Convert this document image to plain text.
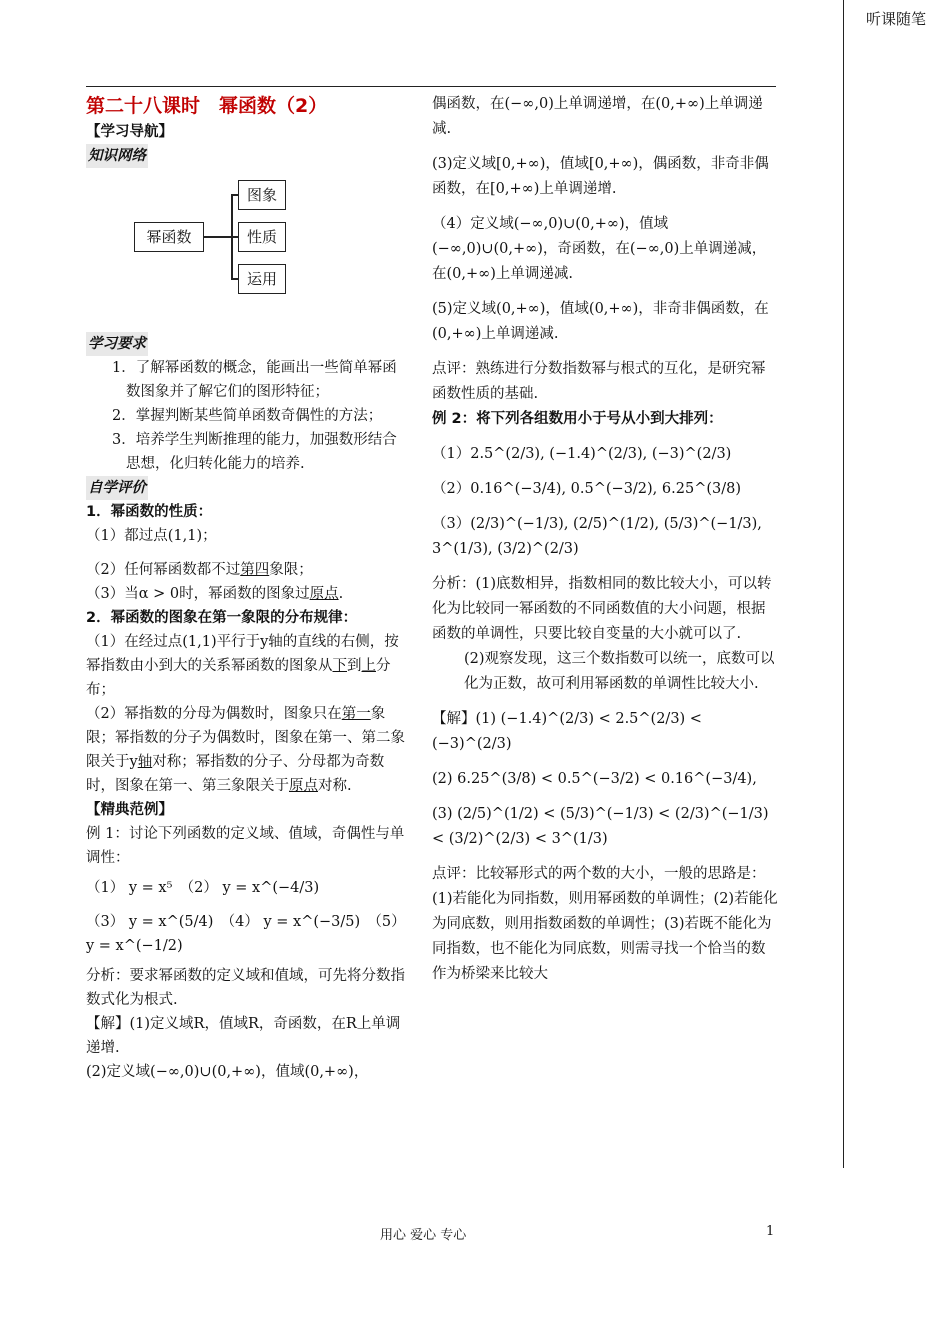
听课随笔

第二十八课时　幂函数（2）

【学习导航】

知识网络

幂函数
图象
性质
运用

学习要求

1．了解幂函数的概念，能画出一些简单幂函数图象并了解它们的图形特征；

2．掌握判断某些简单函数奇偶性的方法；

3．培养学生判断推理的能力，加强数形结合思想，化归转化能力的培养.

自学评价

1．幂函数的性质：

（1）都过点(1,1)；

（2）任何幂函数都不过第四象限；

（3）当α > 0时，幂函数的图象过原点.

2．幂函数的图象在第一象限的分布规律：

（1）在经过点(1,1)平行于y轴的直线的右侧，按幂指数由小到大的关系幂函数的图象从下到上分布；

（2）幂指数的分母为偶数时，图象只在第一象限；幂指数的分子为偶数时，图象在第一、第二象限关于y轴对称；幂指数的分子、分母都为奇数时，图象在第一、第三象限关于原点对称.

【精典范例】

例 1：讨论下列函数的定义域、值域，奇偶性与单调性：

（1） y = x⁵　（2） y = x^(−4/3)

（3） y = x^(5/4)　（4） y = x^(−3/5)　（5） y = x^(−1/2)

分析：要求幂函数的定义域和值域，可先将分数指数式化为根式.

【解】(1)定义域R，值域R，奇函数，在R上单调递增.

(2)定义域(−∞,0)∪(0,+∞)，值域(0,+∞)，

偶函数，在(−∞,0)上单调递增，在(0,+∞)上单调递减.

(3)定义域[0,+∞)，值域[0,+∞)，偶函数，非奇非偶函数，在[0,+∞)上单调递增.

（4）定义域(−∞,0)∪(0,+∞)，值域(−∞,0)∪(0,+∞)，奇函数，在(−∞,0)上单调递减，在(0,+∞)上单调递减.

(5)定义域(0,+∞)，值域(0,+∞)，非奇非偶函数，在(0,+∞)上单调递减.

点评：熟练进行分数指数幂与根式的互化，是研究幂函数性质的基础.

例 2：将下列各组数用小于号从小到大排列：

（1）2.5^(2/3), (−1.4)^(2/3), (−3)^(2/3)

（2）0.16^(−3/4), 0.5^(−3/2), 6.25^(3/8)

（3）(2/3)^(−1/3), (2/5)^(1/2), (5/3)^(−1/3), 3^(1/3), (3/2)^(2/3)

分析：(1)底数相异，指数相同的数比较大小，可以转化为比较同一幂函数的不同函数值的大小问题，根据函数的单调性，只要比较自变量的大小就可以了.

(2)观察发现，这三个数指数可以统一，底数可以化为正数，故可利用幂函数的单调性比较大小.

【解】(1) (−1.4)^(2/3) < 2.5^(2/3) < (−3)^(2/3)

(2) 6.25^(3/8) < 0.5^(−3/2) < 0.16^(−3/4),

(3) (2/5)^(1/2) < (5/3)^(−1/3) < (2/3)^(−1/3) < (3/2)^(2/3) < 3^(1/3)

点评：比较幂形式的两个数的大小，一般的思路是：(1)若能化为同指数，则用幂函数的单调性；(2)若能化为同底数，则用指数函数的单调性；(3)若既不能化为同指数，也不能化为同底数，则需寻找一个恰当的数作为桥梁来比较大

用心 爱心 专心	1
